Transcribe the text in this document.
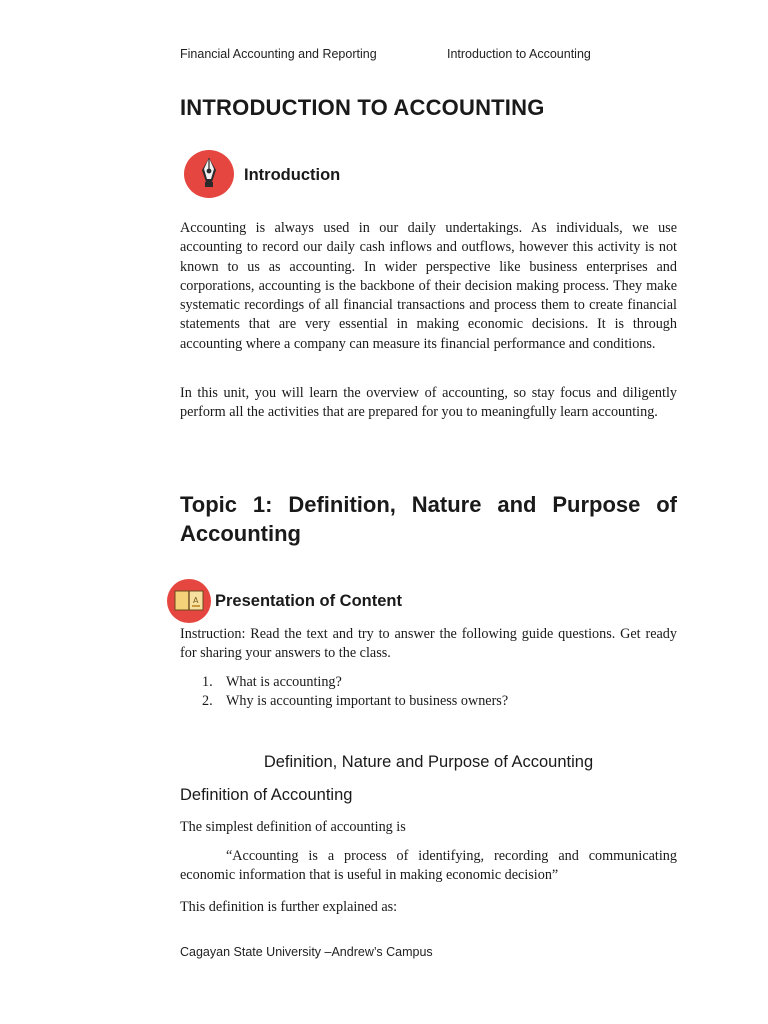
Financial Accounting and Reporting	Introduction to Accounting
INTRODUCTION TO ACCOUNTING
Introduction
Accounting is always used in our daily undertakings. As individuals, we use accounting to record our daily cash inflows and outflows, however this activity is not known to us as accounting. In wider perspective like business enterprises and corporations, accounting is the backbone of their decision making process. They make systematic recordings of all financial transactions and process them to create financial statements that are very essential in making economic decisions. It is through accounting where a company can measure its financial performance and conditions.
In this unit, you will learn the overview of accounting, so stay focus and diligently perform all the activities that are prepared for you to meaningfully learn accounting.
Topic 1: Definition, Nature and Purpose of Accounting
A Presentation of Content
Instruction: Read the text and try to answer the following guide questions. Get ready for sharing your answers to the class.
1. What is accounting?
2. Why is accounting important to business owners?
Definition, Nature and Purpose of Accounting
Definition of Accounting
The simplest definition of accounting is
“Accounting is a process of identifying, recording and communicating economic information that is useful in making economic decision”
This definition is further explained as:
Cagayan State University –Andrew’s Campus
